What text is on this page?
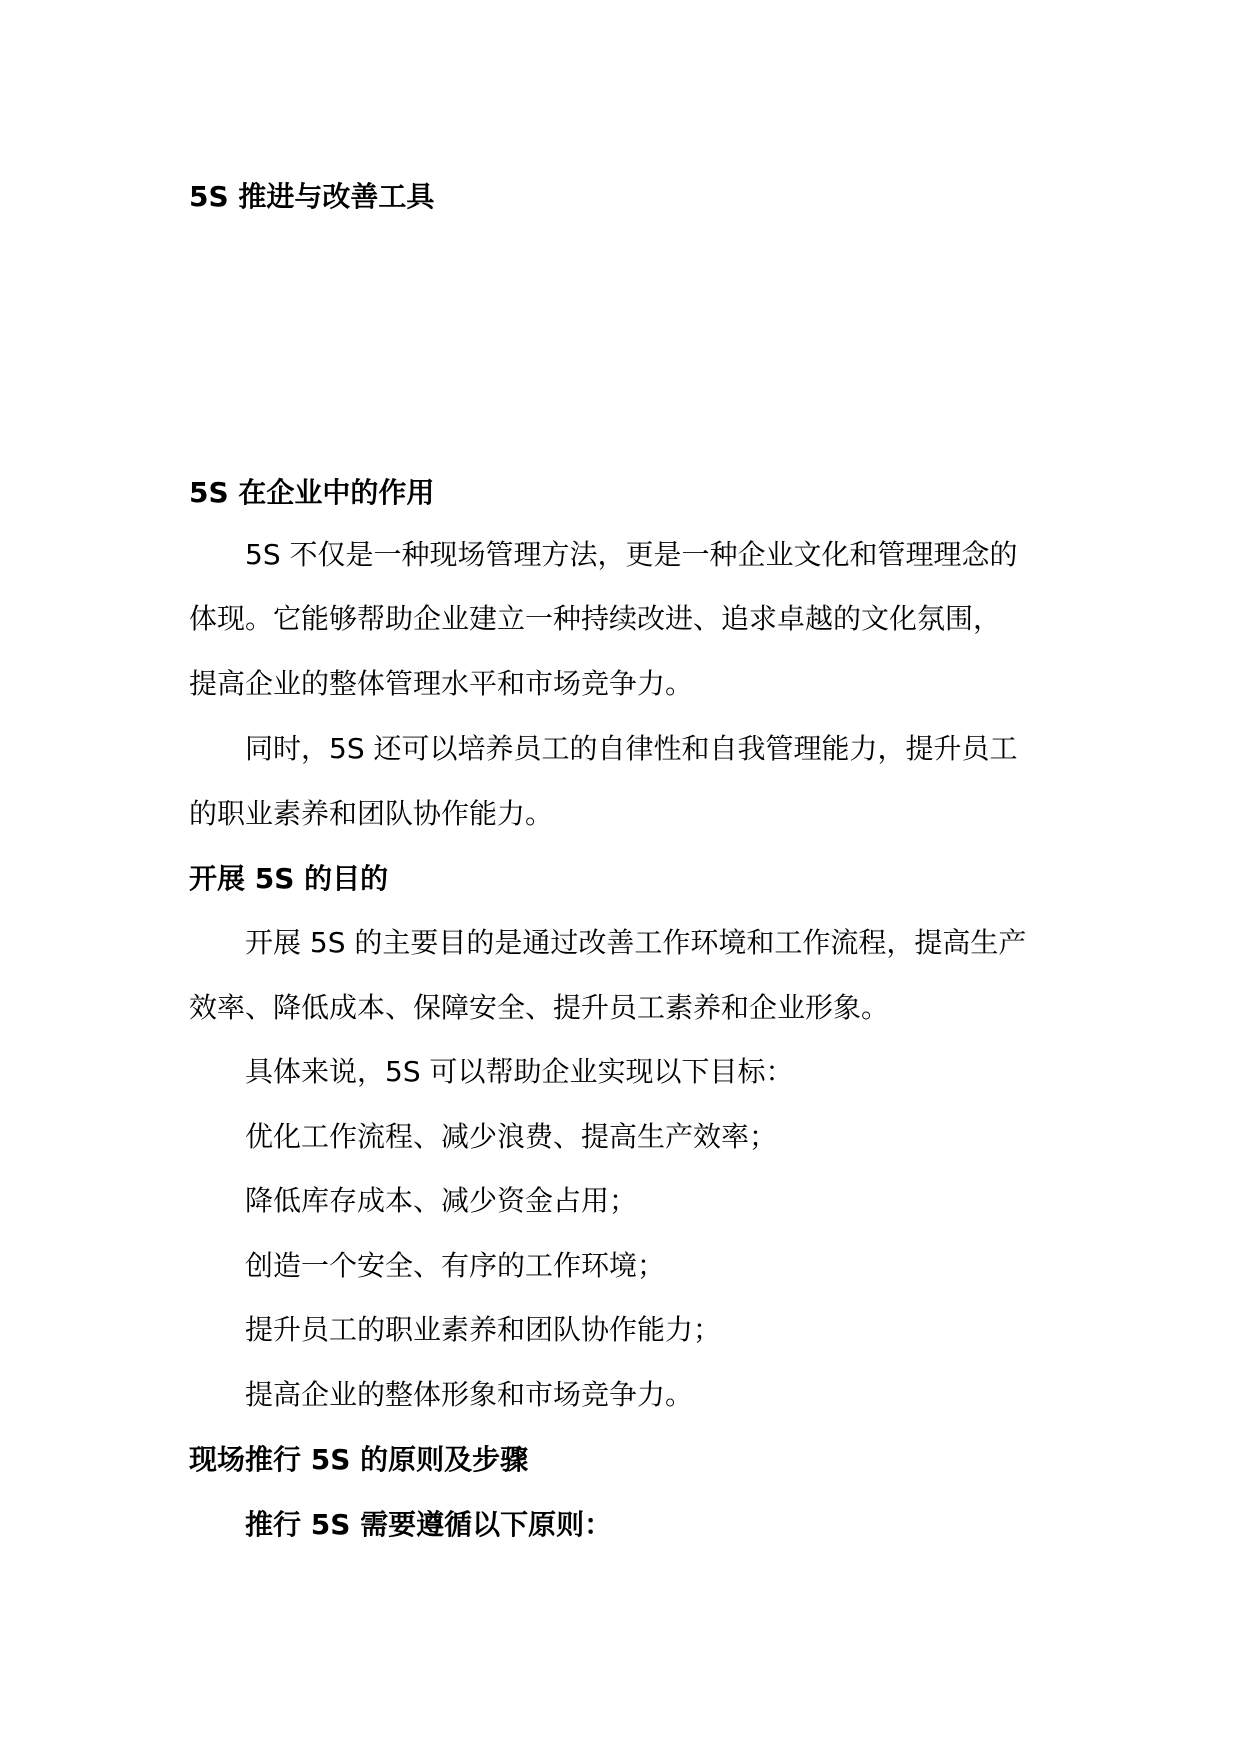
5S 推进与改善工具
5S 在企业中的作用
5S 不仅是一种现场管理方法，更是一种企业文化和管理理念的
体现。它能够帮助企业建立一种持续改进、追求卓越的文化氛围，
提高企业的整体管理水平和市场竞争力。
同时，5S 还可以培养员工的自律性和自我管理能力，提升员工
的职业素养和团队协作能力。
开展 5S 的目的
开展 5S 的主要目的是通过改善工作环境和工作流程，提高生产
效率、降低成本、保障安全、提升员工素养和企业形象。
具体来说，5S 可以帮助企业实现以下目标：
优化工作流程、减少浪费、提高生产效率；
降低库存成本、减少资金占用；
创造一个安全、有序的工作环境；
提升员工的职业素养和团队协作能力；
提高企业的整体形象和市场竞争力。
现场推行 5S 的原则及步骤
推行 5S 需要遵循以下原则：
